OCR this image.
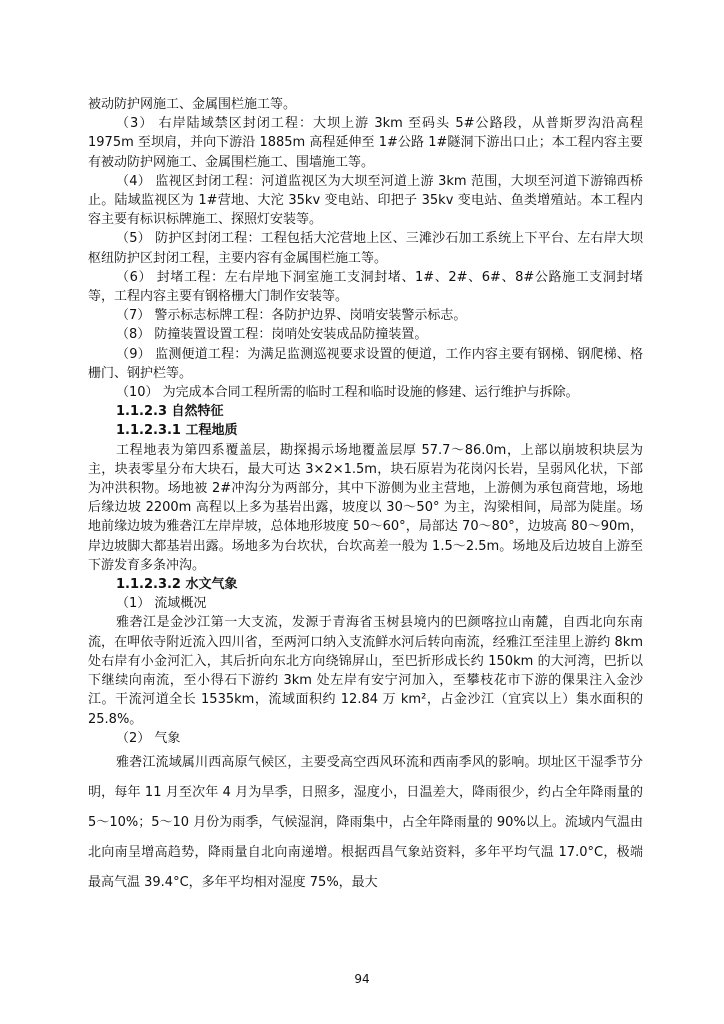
被动防护网施工、金属围栏施工等。

（3） 右岸陆域禁区封闭工程：大坝上游 3km 至码头 5#公路段，从普斯罗沟沿高程 1975m 至坝肩，并向下游沿 1885m 高程延伸至 1#公路 1#隧洞下游出口止；本工程内容主要有被动防护网施工、金属围栏施工、围墙施工等。

（4） 监视区封闭工程：河道监视区为大坝至河道上游 3km 范围，大坝至河道下游锦西桥止。陆域监视区为 1#营地、大沱 35kv 变电站、印把子 35kv 变电站、鱼类增殖站。本工程内容主要有标识标牌施工、探照灯安装等。

（5） 防护区封闭工程：工程包括大沱营地上区、三滩沙石加工系统上下平台、左右岸大坝枢纽防护区封闭工程，主要内容有金属围栏施工等。

（6） 封堵工程：左右岸地下洞室施工支洞封堵、1#、2#、6#、8#公路施工支洞封堵等，工程内容主要有钢格栅大门制作安装等。

（7） 警示标志标牌工程：各防护边界、岗哨安装警示标志。

（8） 防撞装置设置工程：岗哨处安装成品防撞装置。

（9） 监测便道工程：为满足监测巡视要求设置的便道，工作内容主要有钢梯、钢爬梯、格栅门、钢护栏等。

（10） 为完成本合同工程所需的临时工程和临时设施的修建、运行维护与拆除。

1.1.2.3 自然特征

1.1.2.3.1 工程地质

工程地表为第四系覆盖层，勘探揭示场地覆盖层厚 57.7～86.0m，上部以崩坡积块层为主，块表零星分布大块石，最大可达 3×2×1.5m，块石原岩为花岗闪长岩，呈弱风化状，下部为冲洪积物。场地被 2#冲沟分为两部分，其中下游侧为业主营地，上游侧为承包商营地，场地后缘边坡 2200m 高程以上多为基岩出露，坡度以 30～50° 为主，沟梁相间，局部为陡崖。场地前缘边坡为雅砻江左岸岸坡，总体地形坡度 50～60°，局部达 70～80°，边坡高 80～90m，岸边坡脚大都基岩出露。场地多为台坎状，台坎高差一般为 1.5～2.5m。场地及后边坡自上游至下游发育多条冲沟。

1.1.2.3.2 水文气象

（1） 流域概况

雅砻江是金沙江第一大支流，发源于青海省玉树县境内的巴颜喀拉山南麓，自西北向东南流，在呷依寺附近流入四川省，至两河口纳入支流鲜水河后转向南流，经雅江至洼里上游约 8km 处右岸有小金河汇入，其后折向东北方向绕锦屏山，至巴折形成长约 150km 的大河湾，巴折以下继续向南流，至小得石下游约 3km 处左岸有安宁河加入，至攀枝花市下游的倮果注入金沙江。干流河道全长 1535km，流域面积约 12.84 万 km²，占金沙江（宜宾以上）集水面积的 25.8%。

（2） 气象

雅砻江流域属川西高原气候区，主要受高空西风环流和西南季风的影响。坝址区干湿季节分明，每年 11 月至次年 4 月为旱季，日照多，湿度小，日温差大，降雨很少，约占全年降雨量的 5～10%；5～10 月份为雨季，气候湿润，降雨集中，占全年降雨量的 90%以上。流域内气温由北向南呈增高趋势，降雨量自北向南递增。根据西昌气象站资料，多年平均气温 17.0°C，极端最高气温 39.4°C，多年平均相对湿度 75%，最大

94
